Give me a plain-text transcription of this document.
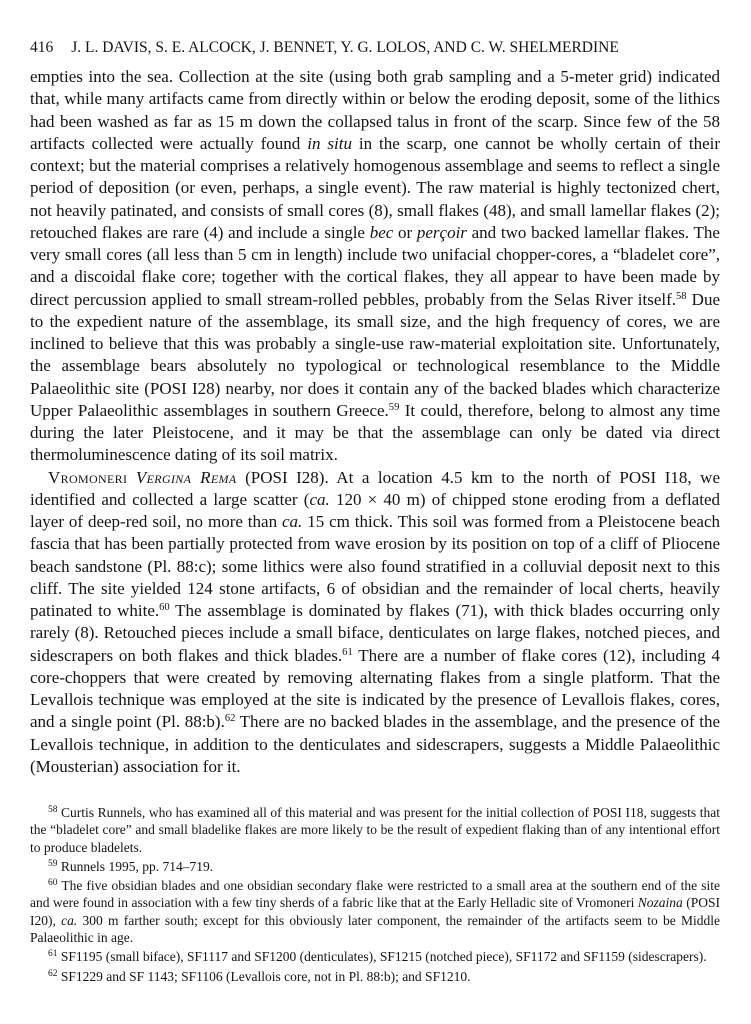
416 J. L. DAVIS, S. E. ALCOCK, J. BENNET, Y. G. LOLOS, AND C. W. SHELMERDINE

empties into the sea. Collection at the site (using both grab sampling and a 5-meter grid) indicated that, while many artifacts came from directly within or below the eroding deposit, some of the lithics had been washed as far as 15 m down the collapsed talus in front of the scarp. Since few of the 58 artifacts collected were actually found in situ in the scarp, one cannot be wholly certain of their context; but the material comprises a relatively homogenous assemblage and seems to reflect a single period of deposition (or even, perhaps, a single event). The raw material is highly tectonized chert, not heavily patinated, and consists of small cores (8), small flakes (48), and small lamellar flakes (2); retouched flakes are rare (4) and include a single bec or perçoir and two backed lamellar flakes. The very small cores (all less than 5 cm in length) include two unifacial chopper-cores, a “bladelet core”, and a discoidal flake core; together with the cortical flakes, they all appear to have been made by direct percussion applied to small stream-rolled pebbles, probably from the Selas River itself.$^{58}$ Due to the expedient nature of the assemblage, its small size, and the high frequency of cores, we are inclined to believe that this was probably a single-use raw-material exploitation site. Unfortunately, the assemblage bears absolutely no typological or technological resemblance to the Middle Palaeolithic site (POSI I28) nearby, nor does it contain any of the backed blades which characterize Upper Palaeolithic assemblages in southern Greece.$^{59}$ It could, therefore, belong to almost any time during the later Pleistocene, and it may be that the assemblage can only be dated via direct thermoluminescence dating of its soil matrix.

Vromoneri Vergina Rema (POSI I28). At a location 4.5 km to the north of POSI I18, we identified and collected a large scatter (ca. 120 × 40 m) of chipped stone eroding from a deflated layer of deep-red soil, no more than ca. 15 cm thick. This soil was formed from a Pleistocene beach fascia that has been partially protected from wave erosion by its position on top of a cliff of Pliocene beach sandstone (Pl. 88:c); some lithics were also found stratified in a colluvial deposit next to this cliff. The site yielded 124 stone artifacts, 6 of obsidian and the remainder of local cherts, heavily patinated to white.$^{60}$ The assemblage is dominated by flakes (71), with thick blades occurring only rarely (8). Retouched pieces include a small biface, denticulates on large flakes, notched pieces, and sidescrapers on both flakes and thick blades.$^{61}$ There are a number of flake cores (12), including 4 core-choppers that were created by removing alternating flakes from a single platform. That the Levallois technique was employed at the site is indicated by the presence of Levallois flakes, cores, and a single point (Pl. 88:b).$^{62}$ There are no backed blades in the assemblage, and the presence of the Levallois technique, in addition to the denticulates and sidescrapers, suggests a Middle Palaeolithic (Mousterian) association for it.

$^{58}$ Curtis Runnels, who has examined all of this material and was present for the initial collection of POSI I18, suggests that the “bladelet core” and small bladelike flakes are more likely to be the result of expedient flaking than of any intentional effort to produce bladelets.

$^{59}$ Runnels 1995, pp. 714–719.

$^{60}$ The five obsidian blades and one obsidian secondary flake were restricted to a small area at the southern end of the site and were found in association with a few tiny sherds of a fabric like that at the Early Helladic site of Vromoneri Nozaina (POSI I20), ca. 300 m farther south; except for this obviously later component, the remainder of the artifacts seem to be Middle Palaeolithic in age.

$^{61}$ SF1195 (small biface), SF1117 and SF1200 (denticulates), SF1215 (notched piece), SF1172 and SF1159 (sidescrapers).

$^{62}$ SF1229 and SF 1143; SF1106 (Levallois core, not in Pl. 88:b); and SF1210.
